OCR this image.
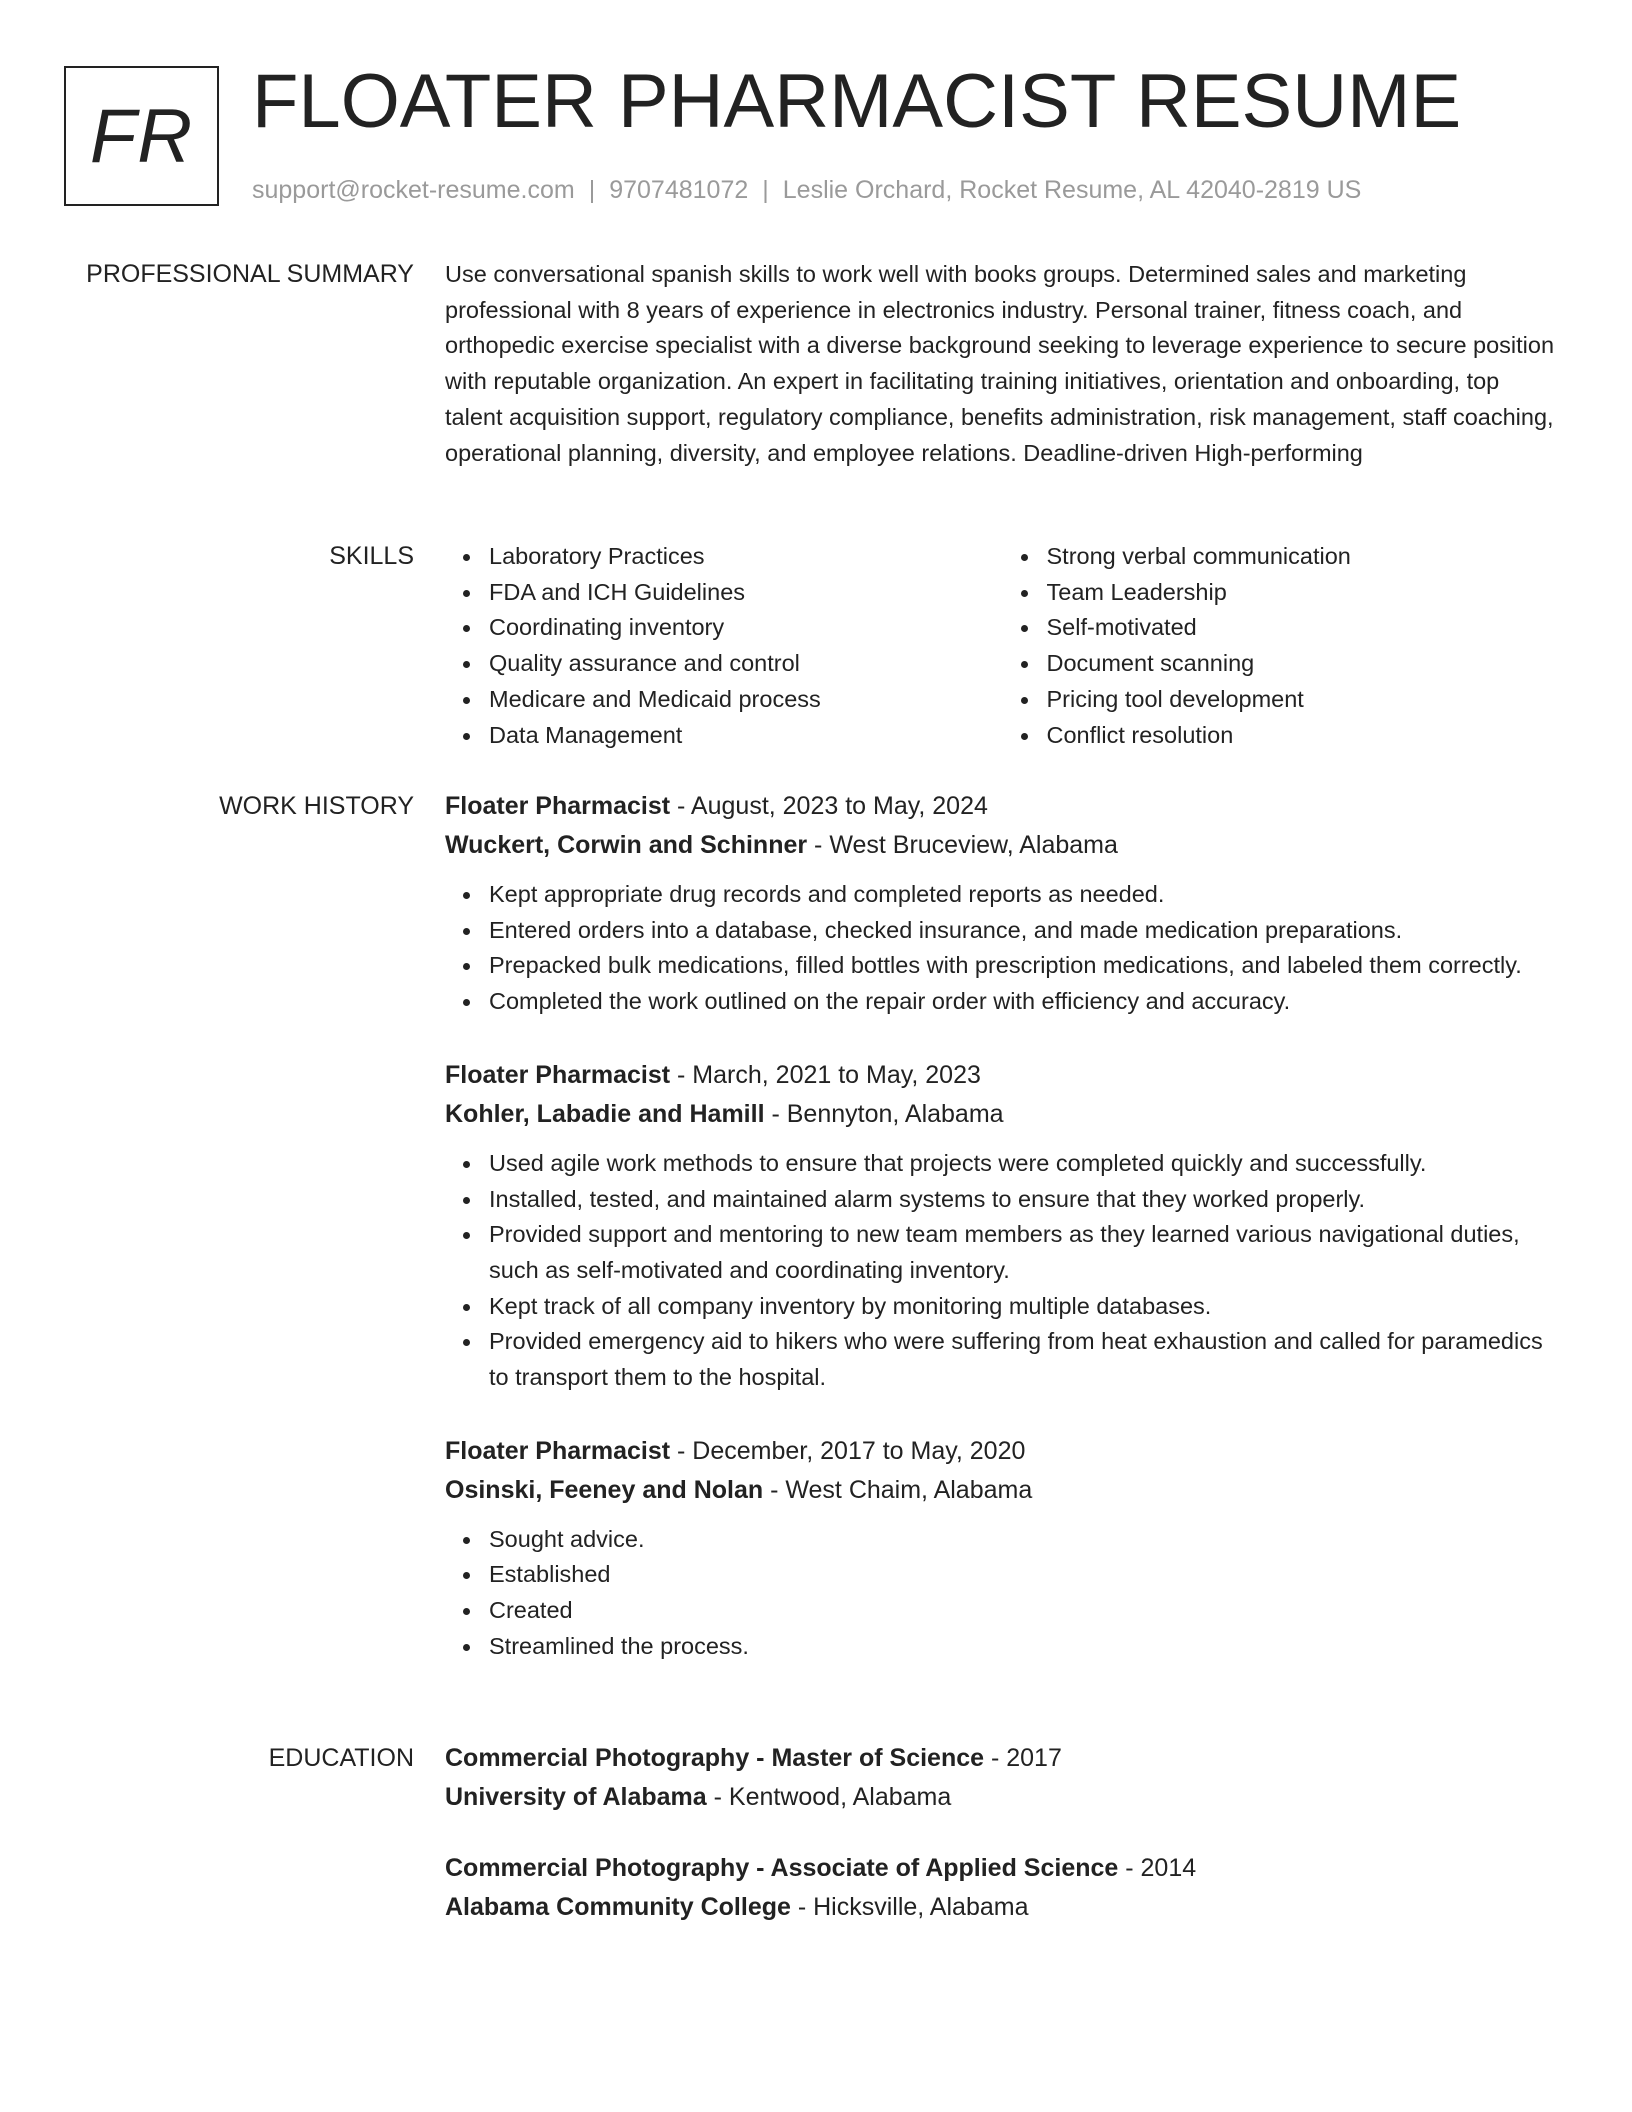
FR FLOATER PHARMACIST RESUME
support@rocket-resume.com | 9707481072 | Leslie Orchard, Rocket Resume, AL 42040-2819 US
PROFESSIONAL SUMMARY Use conversational spanish skills to work well with books groups. Determined sales and marketing professional with 8 years of experience in electronics industry. Personal trainer, fitness coach, and orthopedic exercise specialist with a diverse background seeking to leverage experience to secure position with reputable organization. An expert in facilitating training initiatives, orientation and onboarding, top talent acquisition support, regulatory compliance, benefits administration, risk management, staff coaching, operational planning, diversity, and employee relations. Deadline-driven High-performing

SKILLS	Laboratory Practices
FDA and ICH Guidelines
Coordinating inventory
Quality assurance and control
Medicare and Medicaid process
Data Management
Strong verbal communication
Team Leadership
Self-motivated
Document scanning
Pricing tool development
Conflict resolution
WORK HISTORY Floater Pharmacist - August, 2023 to May, 2024
Wuckert, Corwin and Schinner - West Bruceview, Alabama
Kept appropriate drug records and completed reports as needed.
Entered orders into a database, checked insurance, and made medication preparations.
Prepacked bulk medications, filled bottles with prescription medications, and labeled them correctly.
Completed the work outlined on the repair order with efficiency and accuracy.
Floater Pharmacist - March, 2021 to May, 2023
Kohler, Labadie and Hamill - Bennyton, Alabama
Used agile work methods to ensure that projects were completed quickly and successfully.
Installed, tested, and maintained alarm systems to ensure that they worked properly.
Provided support and mentoring to new team members as they learned various navigational duties, such as self-motivated and coordinating inventory.
Kept track of all company inventory by monitoring multiple databases.
Provided emergency aid to hikers who were suffering from heat exhaustion and called for paramedics to transport them to the hospital.
Floater Pharmacist - December, 2017 to May, 2020
Osinski, Feeney and Nolan - West Chaim, Alabama
Sought advice.
Established
Created
Streamlined the process.
EDUCATION Commercial Photography - Master of Science - 2017
University of Alabama - Kentwood, Alabama
Commercial Photography - Associate of Applied Science - 2014
Alabama Community College - Hicksville, Alabama
